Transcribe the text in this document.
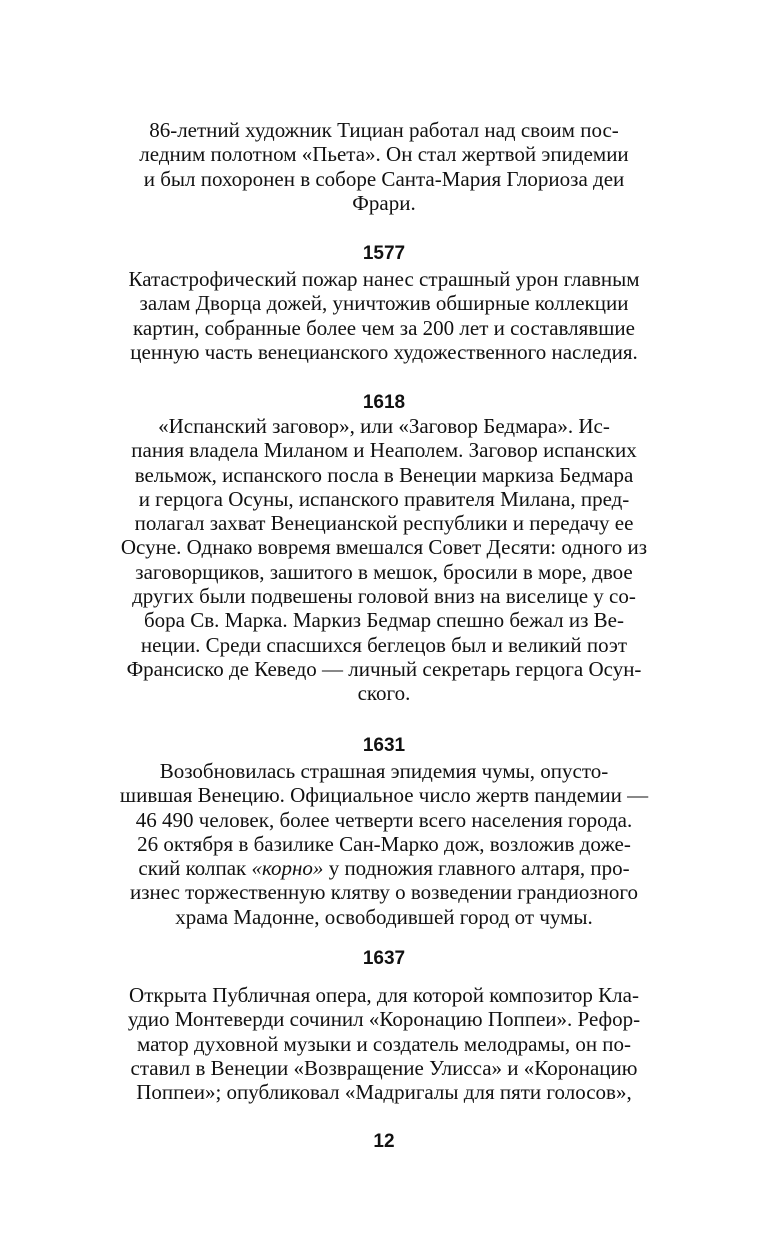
86-летний художник Тициан работал над своим пос-
ледним полотном «Пьета». Он стал жертвой эпидемии
и был похоронен в соборе Санта-Мария Глориоза деи
Фрари.
1577
Катастрофический пожар нанес страшный урон главным
залам Дворца дожей, уничтожив обширные коллекции
картин, собранные более чем за 200 лет и составлявшие
ценную часть венецианского художественного наследия.
1618
«Испанский заговор», или «Заговор Бедмара». Ис-
пания владела Миланом и Неаполем. Заговор испанских
вельмож, испанского посла в Венеции маркиза Бедмара
и герцога Осуны, испанского правителя Милана, пред-
полагал захват Венецианской республики и передачу ее
Осуне. Однако вовремя вмешался Совет Десяти: одного из
заговорщиков, зашитого в мешок, бросили в море, двое
других были подвешены головой вниз на виселице у со-
бора Св. Марка. Маркиз Бедмар спешно бежал из Ве-
неции. Среди спасшихся беглецов был и великий поэт
Франсиско де Кеведо — личный секретарь герцога Осун-
ского.
1631
Возобновилась страшная эпидемия чумы, опусто-
шившая Венецию. Официальное число жертв пандемии —
46 490 человек, более четверти всего населения города.
26 октября в базилике Сан-Марко дож, возложив доже-
ский колпак «корно» у подножия главного алтаря, про-
изнес торжественную клятву о возведении грандиозного
храма Мадонне, освободившей город от чумы.
1637
Открыта Публичная опера, для которой композитор Кла-
удио Монтеверди сочинил «Коронацию Поппеи». Рефор-
матор духовной музыки и создатель мелодрамы, он по-
ставил в Венеции «Возвращение Улисса» и «Коронацию
Поппеи»; опубликовал «Мадригалы для пяти голосов»,
12
